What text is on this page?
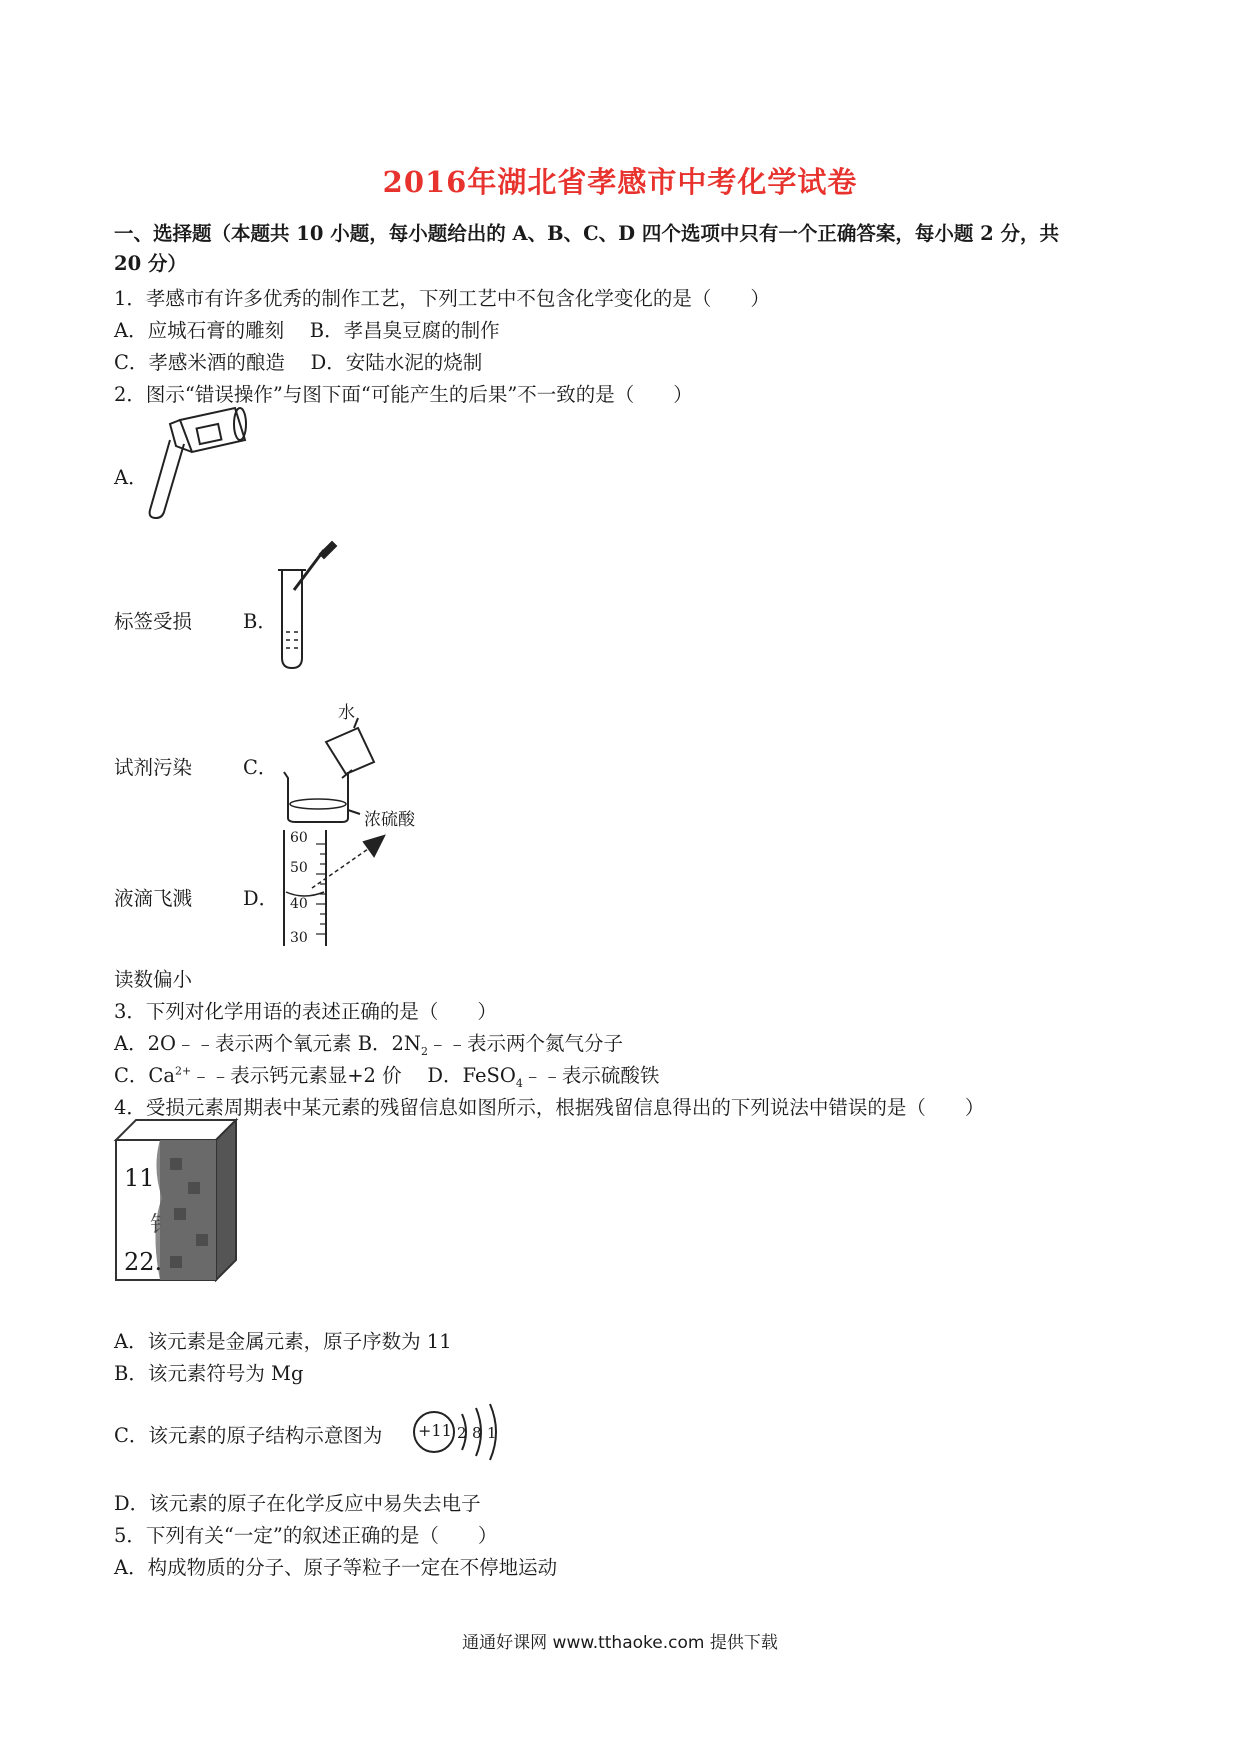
2016年湖北省孝感市中考化学试卷
一、选择题（本题共 10 小题，每小题给出的 A、B、C、D 四个选项中只有一个正确答案，每小题 2 分，共
20 分）
1．孝感市有许多优秀的制作工艺，下列工艺中不包含化学变化的是（　　）
A．应城石膏的雕刻　 B．孝昌臭豆腐的制作
C．孝感米酒的酿造　 D．安陆水泥的烧制
2．图示“错误操作”与图下面“可能产生的后果”不一致的是（　　）
A．
标签受损	B．
试剂污染	C．
水
浓硫酸
液滴飞溅	D．
60
50
40
30
读数偏小
3．下列对化学用语的表述正确的是（　　）
A．2O﹣﹣表示两个氧元素 B．$2N_2﹣﹣$表示两个氮气分子
C．$Ca^{2+}﹣﹣$表示钙元素显+2 价 　 D．FeSO$_4$﹣﹣表示硫酸铁
4．受损元素周期表中某元素的残留信息如图所示，根据残留信息得出的下列说法中错误的是（　　）
11
钅
22.
A．该元素是金属元素，原子序数为 11
B．该元素符号为 Mg
C．该元素的原子结构示意图为 +11 2 8 1
D．该元素的原子在化学反应中易失去电子
5．下列有关“一定”的叙述正确的是（　　）
A．构成物质的分子、原子等粒子一定在不停地运动
通通好课网 www.tthaoke.com 提供下载
